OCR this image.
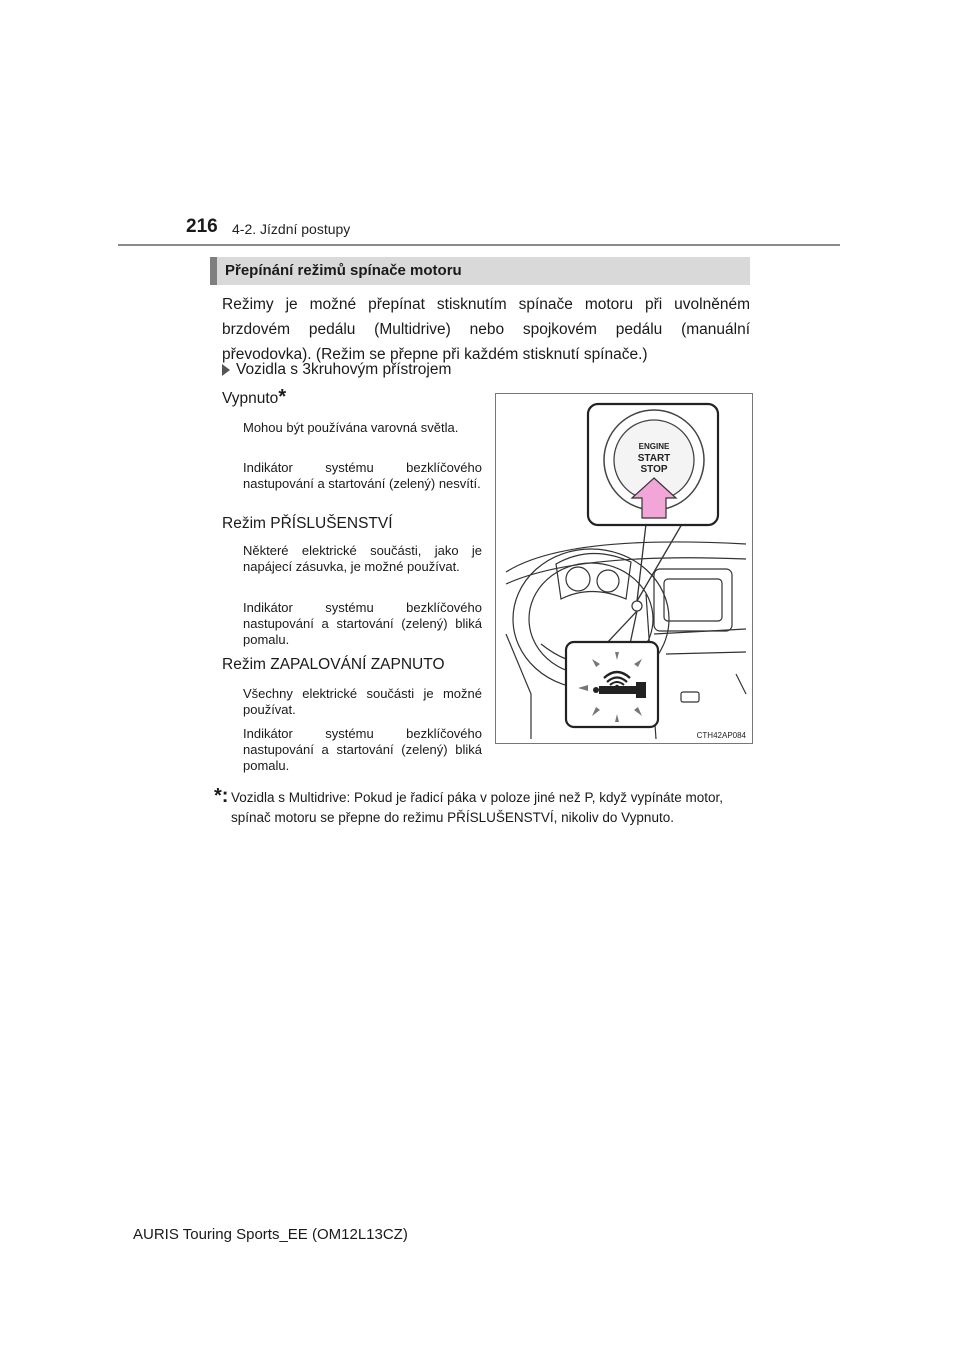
216 4-2. Jízdní postupy
Přepínání režimů spínače motoru
Režimy je možné přepínat stisknutím spínače motoru při uvolněném brzdovém pedálu (Multidrive) nebo spojkovém pedálu (manuální převodovka). (Režim se přepne při každém stisknutí spínače.)
Vozidla s 3kruhovým přístrojem
Vypnuto*
Mohou být používána varovná světla.
Indikátor systému bezklíčového nastupování a startování (zelený) nesvítí.
Režim PŘÍSLUŠENSTVÍ
Některé elektrické součásti, jako je napájecí zásuvka, je možné používat.
Indikátor systému bezklíčového nastupování a startování (zelený) bliká pomalu.
Režim ZAPALOVÁNÍ ZAPNUTO
Všechny elektrické součásti je možné používat.
Indikátor systému bezklíčového nastupování a startování (zelený) bliká pomalu.
*: Vozidla s Multidrive: Pokud je řadicí páka v poloze jiné než P, když vypínáte motor, spínač motoru se přepne do režimu PŘÍSLUŠENSTVÍ, nikoliv do Vypnuto.
ENGINE
START
STOP
CTH42AP084
AURIS Touring Sports_EE (OM12L13CZ)
